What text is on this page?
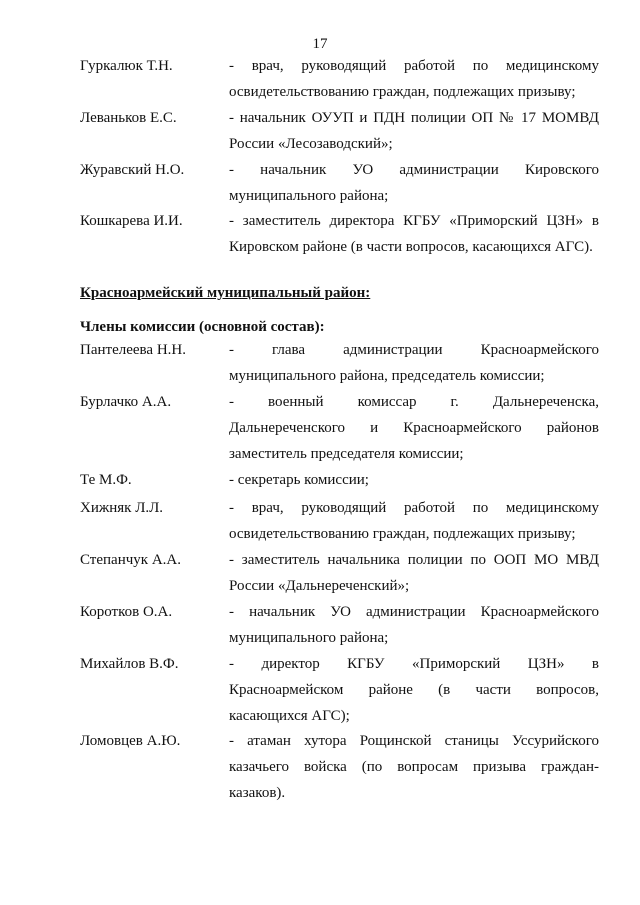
17
Гуркалюк Т.Н.	- врач, руководящий работой по медицинскому
освидетельствованию граждан, подлежащих призыву;
Леваньков Е.С.	- начальник ОУУП и ПДН полиции ОП № 17 МОМВД
России «Лесозаводский»;
Журавский Н.О.	- начальник УО администрации Кировского
муниципального района;
Кошкарева И.И.	- заместитель директора КГБУ «Приморский ЦЗН» в
Кировском районе (в части вопросов, касающихся АГС).
Красноармейский муниципальный район:
Члены комиссии (основной состав):
Пантелеева Н.Н.	- глава администрации Красноармейского
муниципального района, председатель комиссии;
Бурлачко А.А.	- военный комиссар г. Дальнереченска,
Дальнереченского и Красноармейского районов
заместитель председателя комиссии;
Те М.Ф.	- секретарь комиссии;
Хижняк Л.Л.	- врач, руководящий работой по медицинскому
освидетельствованию граждан, подлежащих призыву;
Степанчук А.А.	- заместитель начальника полиции по ООП МО МВД
России «Дальнереченский»;
Коротков О.А.	- начальник УО администрации Красноармейского
муниципального района;
Михайлов В.Ф.	- директор КГБУ «Приморский ЦЗН» в
Красноармейском районе (в части вопросов,
касающихся АГС);
Ломовцев А.Ю.	- атаман хутора Рощинской станицы Уссурийского
казачьего войска (по вопросам призыва граждан-
казаков).
